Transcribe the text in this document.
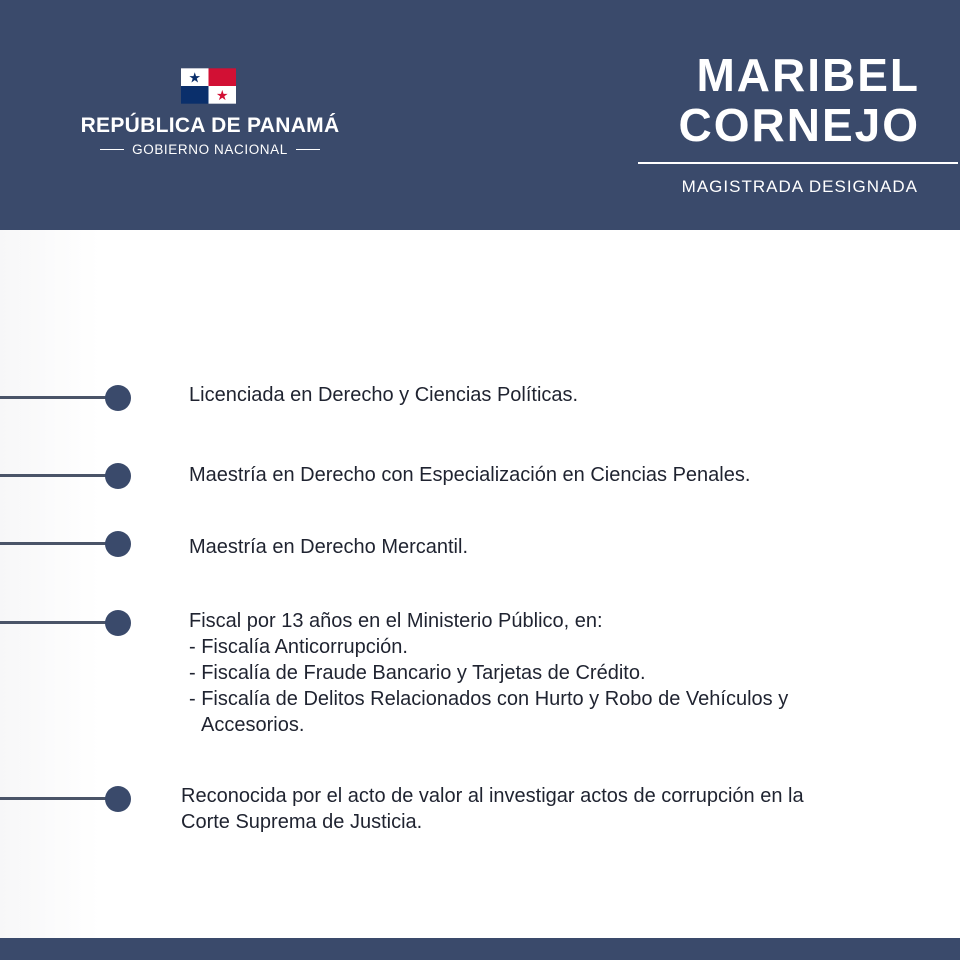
REPÚBLICA DE PANAMÁ
GOBIERNO NACIONAL
MARIBEL
CORNEJO
MAGISTRADA DESIGNADA
Licenciada en Derecho y Ciencias Políticas.
Maestría en Derecho con Especialización en Ciencias Penales.
Maestría en Derecho Mercantil.

Fiscal por 13 años en el Ministerio Público, en:

- Fiscalía Anticorrupción.

- Fiscalía de Fraude Bancario y Tarjetas de Crédito.

- Fiscalía de Delitos Relacionados con Hurto y Robo de Vehículos y

Accesorios.

Reconocida por el acto de valor al investigar actos de corrupción en la

Corte Suprema de Justicia.
